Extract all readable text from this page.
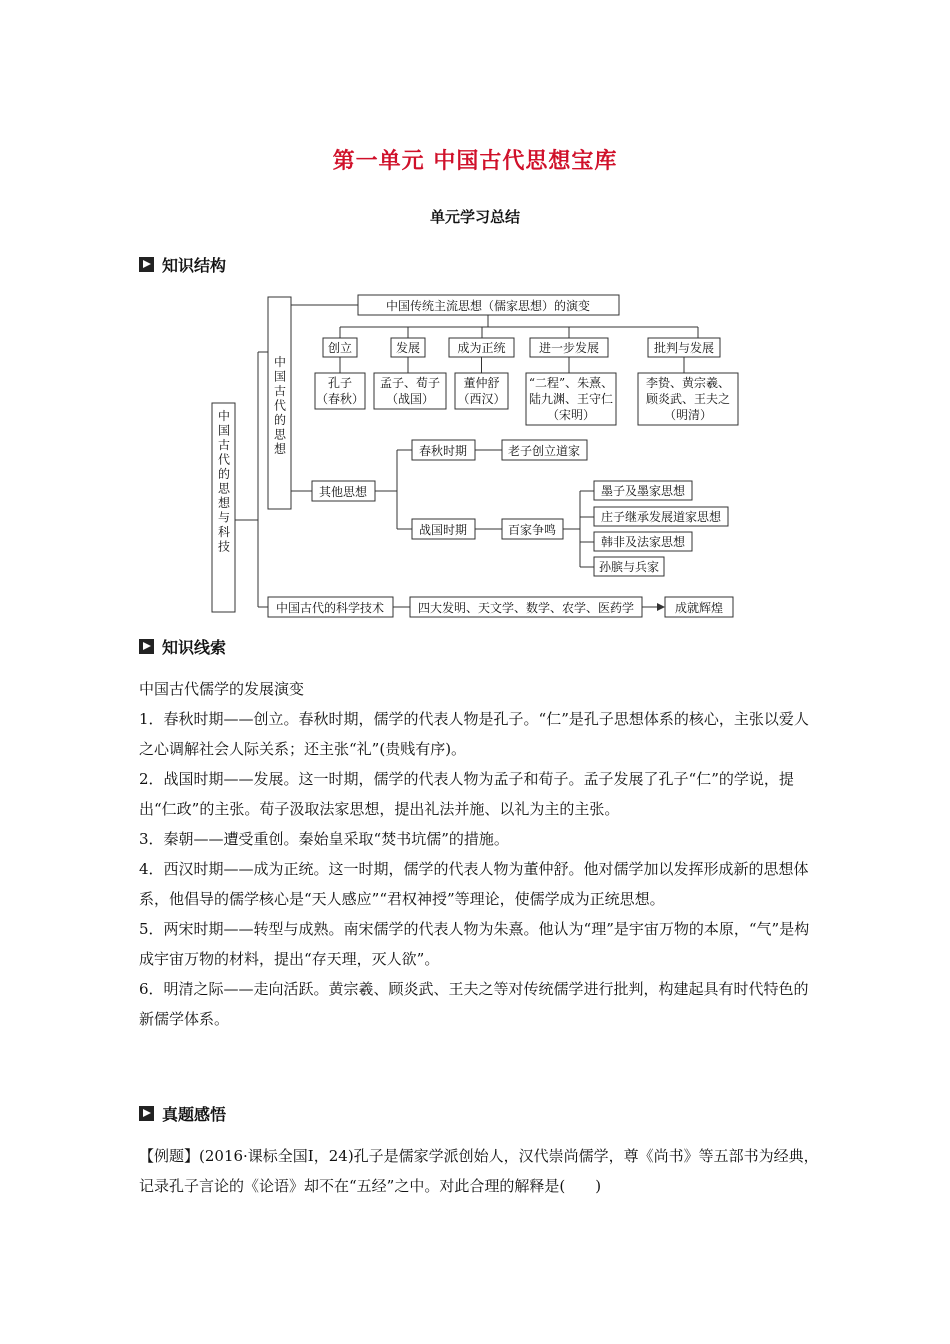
第一单元 中国古代思想宝库
单元学习总结
知识结构
中国古代的思想与科技
中国古代的思想
中国传统主流思想（儒家思想）的演变
创立	发展	成为正统	进一步发展	批判与发展
孔子
（春秋）
孟子、荀子
（战国）
董仲舒
（西汉）
“二程”、朱熹、
陆九渊、王守仁
（宋明）
李贽、黄宗羲、
顾炎武、王夫之
（明清）
其他思想
春秋时期	老子创立道家
战国时期	百家争鸣
墨子及墨家思想
庄子继承发展道家思想
韩非及法家思想
孙膑与兵家
中国古代的科学技术	四大发明、天文学、数学、农学、医药学	成就辉煌
知识线索

中国古代儒学的发展演变

1．春秋时期——创立。春秋时期，儒学的代表人物是孔子。“仁”是孔子思想体系的核心，主张以爱人之心调解社会人际关系；还主张“礼”(贵贱有序)。

2．战国时期——发展。这一时期，儒学的代表人物为孟子和荀子。孟子发展了孔子“仁”的学说，提出“仁政”的主张。荀子汲取法家思想，提出礼法并施、以礼为主的主张。

3．秦朝——遭受重创。秦始皇采取“焚书坑儒”的措施。

4．西汉时期——成为正统。这一时期，儒学的代表人物为董仲舒。他对儒学加以发挥形成新的思想体系，他倡导的儒学核心是“天人感应”“君权神授”等理论，使儒学成为正统思想。

5．两宋时期——转型与成熟。南宋儒学的代表人物为朱熹。他认为“理”是宇宙万物的本原，“气”是构成宇宙万物的材料，提出“存天理，灭人欲”。

6．明清之际——走向活跃。黄宗羲、顾炎武、王夫之等对传统儒学进行批判，构建起具有时代特色的新儒学体系。

真题感悟
【例题】(2016·课标全国Ⅰ，24)孔子是儒家学派创始人，汉代崇尚儒学，尊《尚书》等五部书为经典，记录孔子言论的《论语》却不在“五经”之中。对此合理的解释是(　　)
